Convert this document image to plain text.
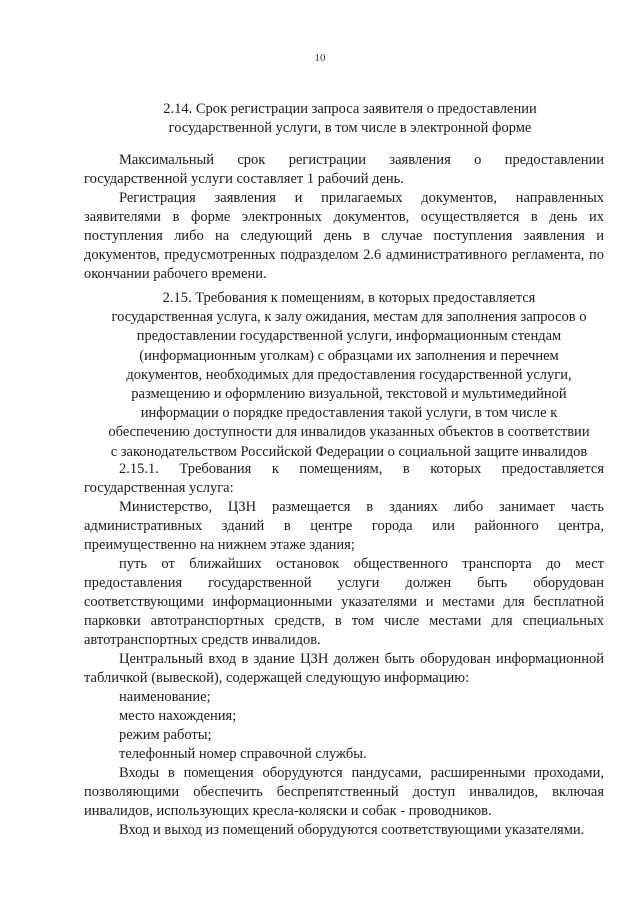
10
2.14. Срок регистрации запроса заявителя о предоставлении
государственной услуги, в том числе в электронной форме

Максимальный срок регистрации заявления о предоставлении государственной услуги составляет 1 рабочий день.

Регистрация заявления и прилагаемых документов, направленных заявителями в форме электронных документов, осуществляется в день их поступления либо на следующий день в случае поступления заявления и документов, предусмотренных подразделом 2.6 административного регламента, по окончании рабочего времени.

2.15. Требования к помещениям, в которых предоставляется
государственная услуга, к залу ожидания, местам для заполнения запросов о
предоставлении государственной услуги, информационным стендам
(информационным уголкам) с образцами их заполнения и перечнем
документов, необходимых для предоставления государственной услуги,
размещению и оформлению визуальной, текстовой и мультимедийной
информации о порядке предоставления такой услуги, в том числе к
обеспечению доступности для инвалидов указанных объектов в соответствии
с законодательством Российской Федерации о социальной защите инвалидов

2.15.1. Требования к помещениям, в которых предоставляется государственная услуга:

Министерство, ЦЗН размещается в зданиях либо занимает часть административных зданий в центре города или районного центра, преимущественно на нижнем этаже здания;

путь от ближайших остановок общественного транспорта до мест предоставления государственной услуги должен быть оборудован соответствующими информационными указателями и местами для бесплатной парковки автотранспортных средств, в том числе местами для специальных автотранспортных средств инвалидов.

Центральный вход в здание ЦЗН должен быть оборудован информационной табличкой (вывеской), содержащей следующую информацию:

наименование;

место нахождения;

режим работы;

телефонный номер справочной службы.

Входы в помещения оборудуются пандусами, расширенными проходами, позволяющими обеспечить беспрепятственный доступ инвалидов, включая инвалидов, использующих кресла-коляски и собак - проводников.

Вход и выход из помещений оборудуются соответствующими указателями.
